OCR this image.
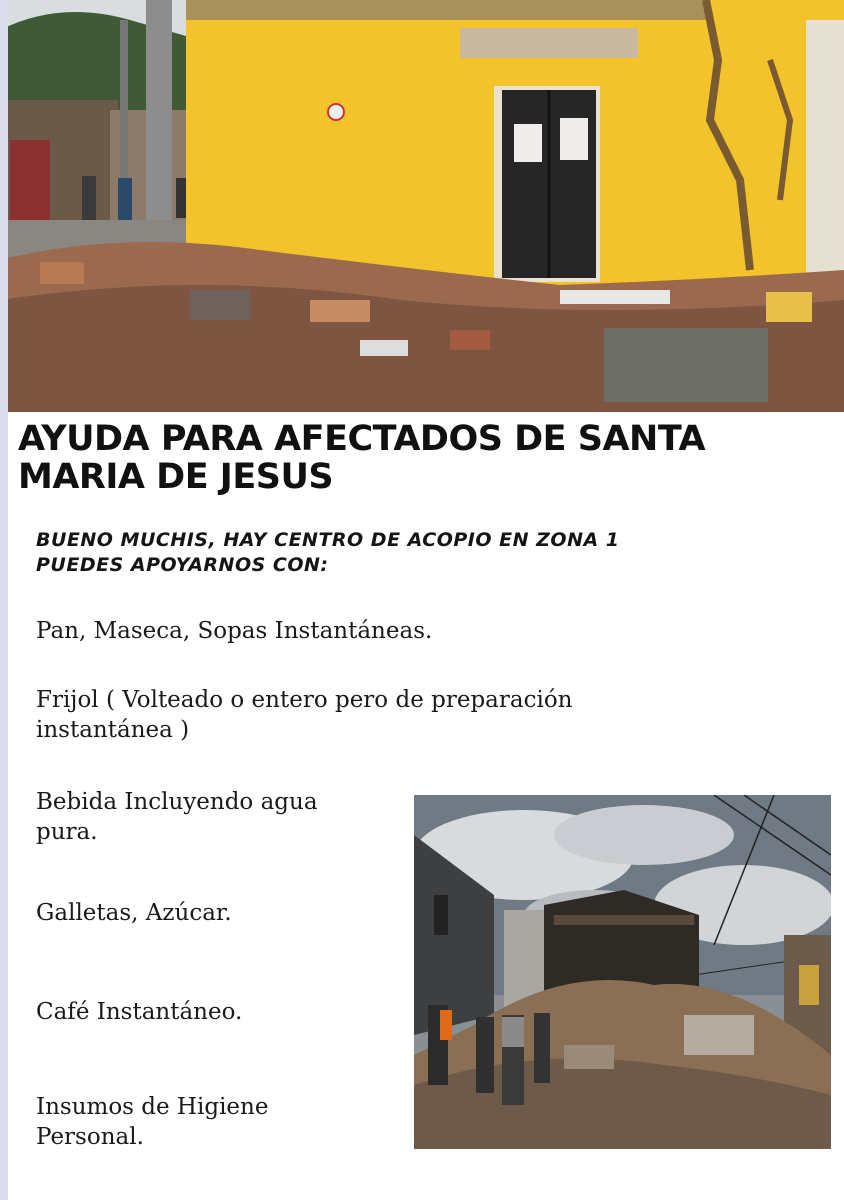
AYUDA PARA AFECTADOS DE SANTA
MARIA DE JESUS

BUENO MUCHIS, HAY CENTRO DE ACOPIO EN ZONA 1
PUEDES APOYARNOS CON:

Pan, Maseca, Sopas Instantáneas.

Frijol ( Volteado o entero pero de preparación
instantánea )

Bebida Incluyendo agua
pura.

Galletas, Azúcar.

Café Instantáneo.

Insumos de Higiene
Personal.
